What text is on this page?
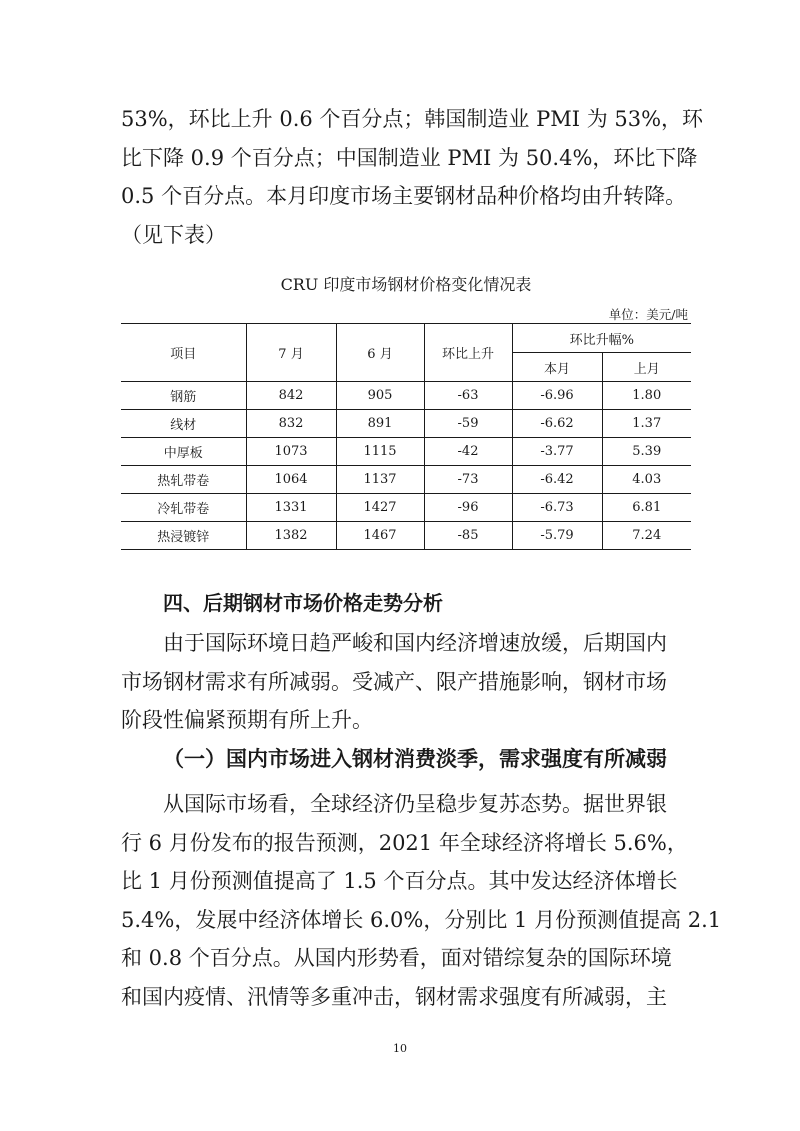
53%，环比上升 0.6 个百分点；韩国制造业 PMI 为 53%，环
比下降 0.9 个百分点；中国制造业 PMI 为 50.4%，环比下降
0.5 个百分点。本月印度市场主要钢材品种价格均由升转降。
（见下表）

CRU 印度市场钢材价格变化情况表

单位：美元/吨

项目	7 月	6 月	环比上升	环比升幅%	
				本月	上月
钢筋	842	905	-63	-6.96	1.80
线材	832	891	-59	-6.62	1.37
中厚板	1073	1115	-42	-3.77	5.39
热轧带卷	1064	1137	-73	-6.42	4.03
冷轧带卷	1331	1427	-96	-6.73	6.81
热浸镀锌	1382	1467	-85	-5.79	7.24
四、后期钢材市场价格走势分析

由于国际环境日趋严峻和国内经济增速放缓，后期国内
市场钢材需求有所减弱。受减产、限产措施影响，钢材市场
阶段性偏紧预期有所上升。

（一）国内市场进入钢材消费淡季，需求强度有所减弱

从国际市场看，全球经济仍呈稳步复苏态势。据世界银
行 6 月份发布的报告预测，2021 年全球经济将增长 5.6%，
比 1 月份预测值提高了 1.5 个百分点。其中发达经济体增长
5.4%，发展中经济体增长 6.0%，分别比 1 月份预测值提高 2.1
和 0.8 个百分点。从国内形势看，面对错综复杂的国际环境
和国内疫情、汛情等多重冲击，钢材需求强度有所减弱，主

10
